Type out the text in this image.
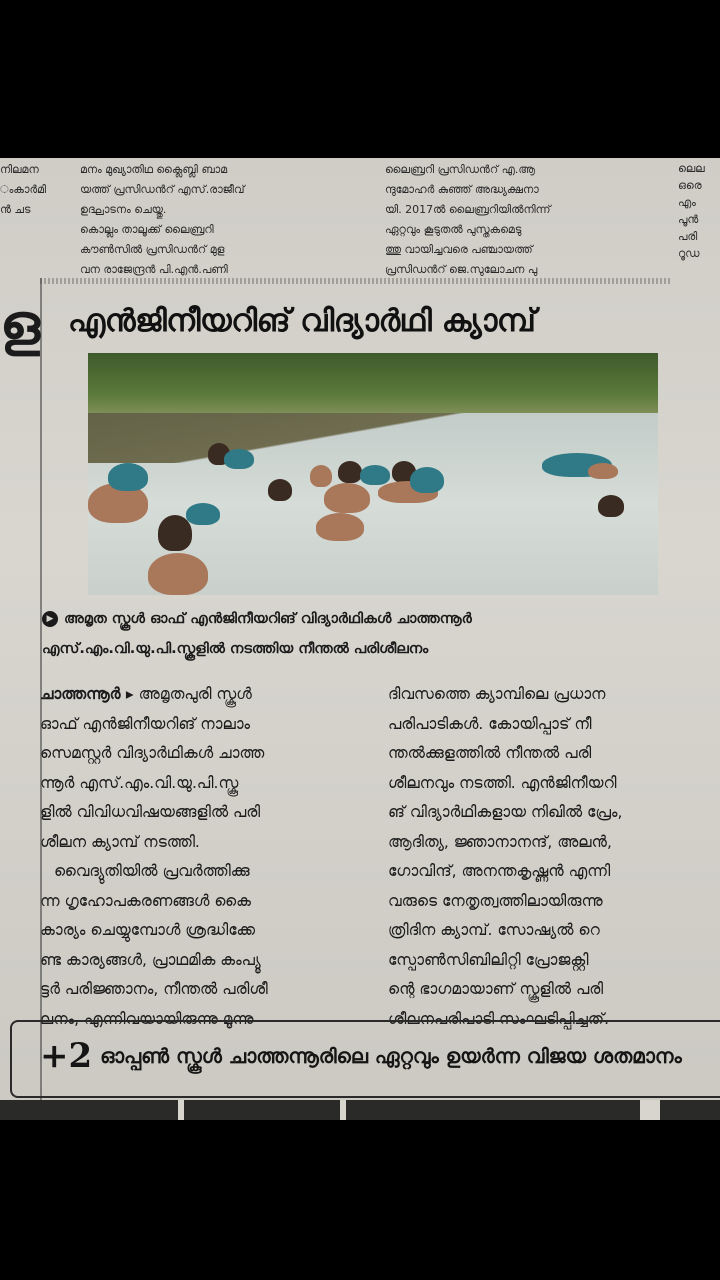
നിലമന
ംകാർമി
ൻ ചട
മനം മുഖ്യാതിഥ ക്ലൈബ്ലി ബാമ
യത്ത് പ്രസിഡൻറ് എസ്.രാജീവ്
ഉദ്ഘാടനം ചെയ്തു.
കൊല്ലം താലൂക്ക് ലൈബ്രറി
കൗൺസിൽ പ്രസിഡൻറ് മുള
വന രാജേന്ദ്രൻ പി.എൻ.പണി
ലൈബ്രറി പ്രസിഡൻറ് എ.ആ
ന്ദുമോഹർ കുഞ്ഞ് അദ്ധ്യക്ഷനാ
യി. 2017ൽ ലൈബ്രറിയിൽനിന്ന്
ഏറ്റവും കൂടുതൽ പുസ്തകമെടു
ത്തു വായിച്ചവരെ പഞ്ചായത്ത്
പ്രസിഡൻറ് ജെ.സുലോചന പു
ലെല
ഒരെ
എം
പൂൻ
പരി
റൂഡ
ള എൻജിനീയറിങ് വിദ്യാർഥി ക്യാമ്പ്
▶ അമൃത സ്കൂൾ ഓഫ് എൻജിനീയറിങ് വിദ്യാർഥികൾ ചാത്തന്നൂർ
എസ്.എം.വി.യു.പി.സ്കൂളിൽ നടത്തിയ നീന്തൽ പരിശീലനം
ചാത്തന്നൂർ ▸ അമൃതപുരി സ്കൂൾ
ഓഫ് എൻജിനീയറിങ് നാലാം
സെമസ്റ്റർ വിദ്യാർഥികൾ ചാത്ത
ന്നൂർ എസ്.എം.വി.യു.പി.സ്കൂ
ളിൽ വിവിധവിഷയങ്ങളിൽ പരി
ശീലന ക്യാമ്പ് നടത്തി.
വൈദ്യുതിയിൽ പ്രവർത്തിക്കു
ന്ന ഗൃഹോപകരണങ്ങൾ കൈ
കാര്യം ചെയ്യുമ്പോൾ ശ്രദ്ധിക്കേ
ണ്ട കാര്യങ്ങൾ, പ്രാഥമിക കംപ്യൂ
ട്ടർ പരിജ്ഞാനം, നീന്തൽ പരിശീ
ലനം, എന്നിവയായിരുന്നു മൂന്നു
ദിവസത്തെ ക്യാമ്പിലെ പ്രധാന
പരിപാടികൾ. കോയിപ്പാട് നീ
ന്തൽക്കുളത്തിൽ നീന്തൽ പരി
ശീലനവും നടത്തി. എൻജിനീയറി
ങ് വിദ്യാർഥികളായ നിഖിൽ പ്രേം,
ആദിത്യ, ജ്ഞാനാനന്ദ്, അലൻ,
ഗോവിന്ദ്, അനന്തകൃഷ്ണൻ എന്നി
വരുടെ നേതൃത്വത്തിലായിരുന്നു
ത്രിദിന ക്യാമ്പ്. സോഷ്യൽ റെ
സ്പോൺസിബിലിറ്റി പ്രോജക്റ്റി
ന്റെ ഭാഗമായാണ് സ്കൂളിൽ പരി
ശീലനപരിപാടി സംഘടിപ്പിച്ചത്.
+2 ഓപ്പൺ സ്കൂൾ ചാത്തന്നൂരിലെ ഏറ്റവും ഉയർന്ന വിജയ ശതമാനം
